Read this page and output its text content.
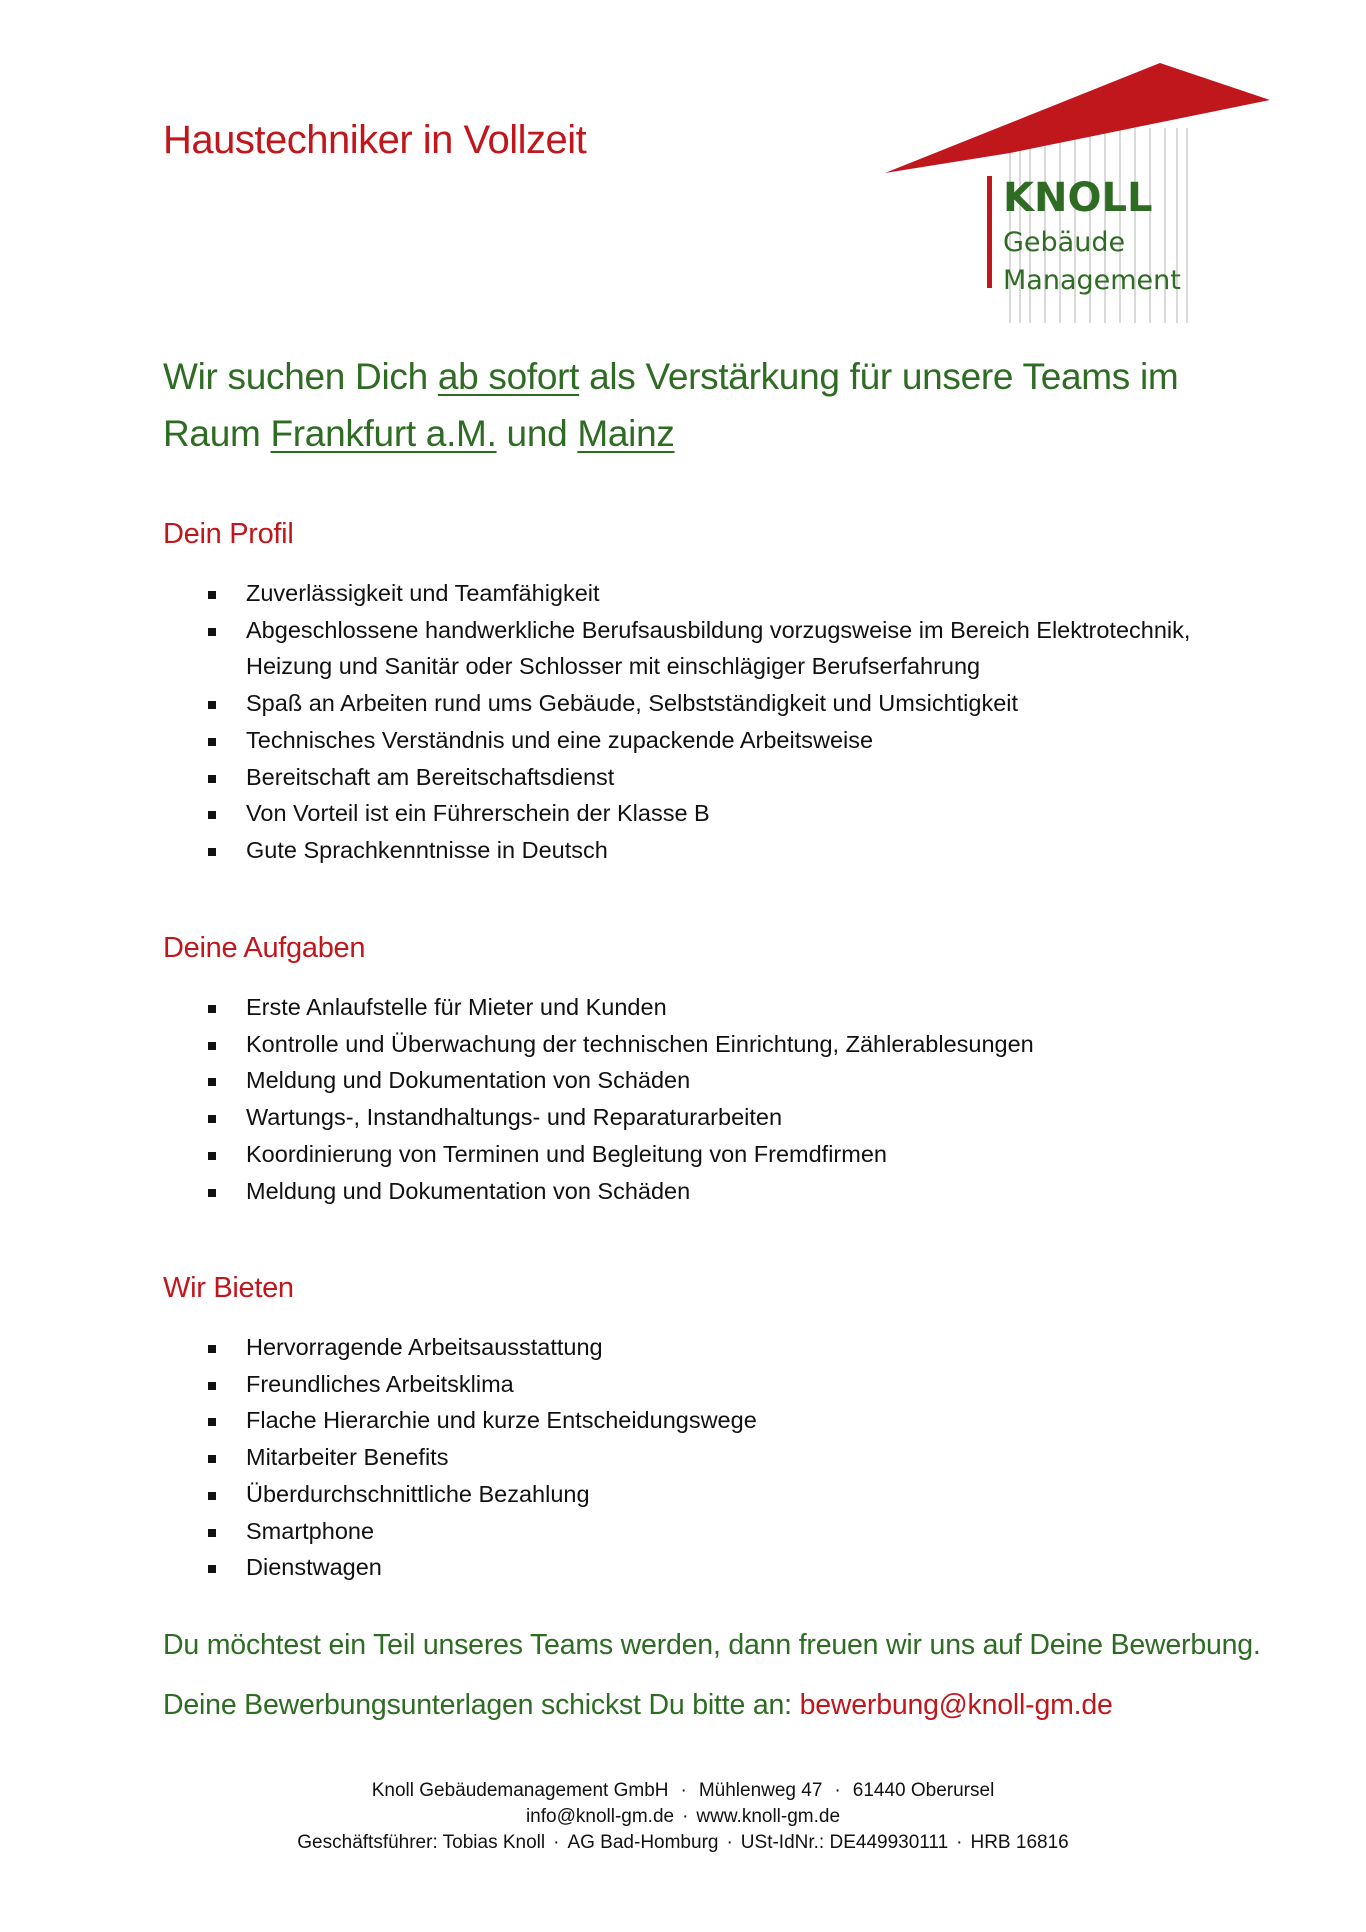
Haustechniker in Vollzeit
KNOLL
Gebäude
Management
Wir suchen Dich ab sofort als Verstärkung für unsere Teams im Raum Frankfurt a.M. und Mainz
Dein Profil
Zuverlässigkeit und Teamfähigkeit
Abgeschlossene handwerkliche Berufsausbildung vorzugsweise im Bereich Elektrotechnik, Heizung und Sanitär oder Schlosser mit einschlägiger Berufserfahrung
Spaß an Arbeiten rund ums Gebäude, Selbstständigkeit und Umsichtigkeit
Technisches Verständnis und eine zupackende Arbeitsweise
Bereitschaft am Bereitschaftsdienst
Von Vorteil ist ein Führerschein der Klasse B
Gute Sprachkenntnisse in Deutsch
Deine Aufgaben
Erste Anlaufstelle für Mieter und Kunden
Kontrolle und Überwachung der technischen Einrichtung, Zählerablesungen
Meldung und Dokumentation von Schäden
Wartungs-, Instandhaltungs- und Reparaturarbeiten
Koordinierung von Terminen und Begleitung von Fremdfirmen
Meldung und Dokumentation von Schäden
Wir Bieten
Hervorragende Arbeitsausstattung
Freundliches Arbeitsklima
Flache Hierarchie und kurze Entscheidungswege
Mitarbeiter Benefits
Überdurchschnittliche Bezahlung
Smartphone
Dienstwagen
Du möchtest ein Teil unseres Teams werden, dann freuen wir uns auf Deine Bewerbung.
Deine Bewerbungsunterlagen schickst Du bitte an: bewerbung@knoll-gm.de
Knoll Gebäudemanagement GmbH · Mühlenweg 47 · 61440 Oberursel
info@knoll-gm.de · www.knoll-gm.de
Geschäftsführer: Tobias Knoll · AG Bad-Homburg · USt-IdNr.: DE449930111 · HRB 16816
